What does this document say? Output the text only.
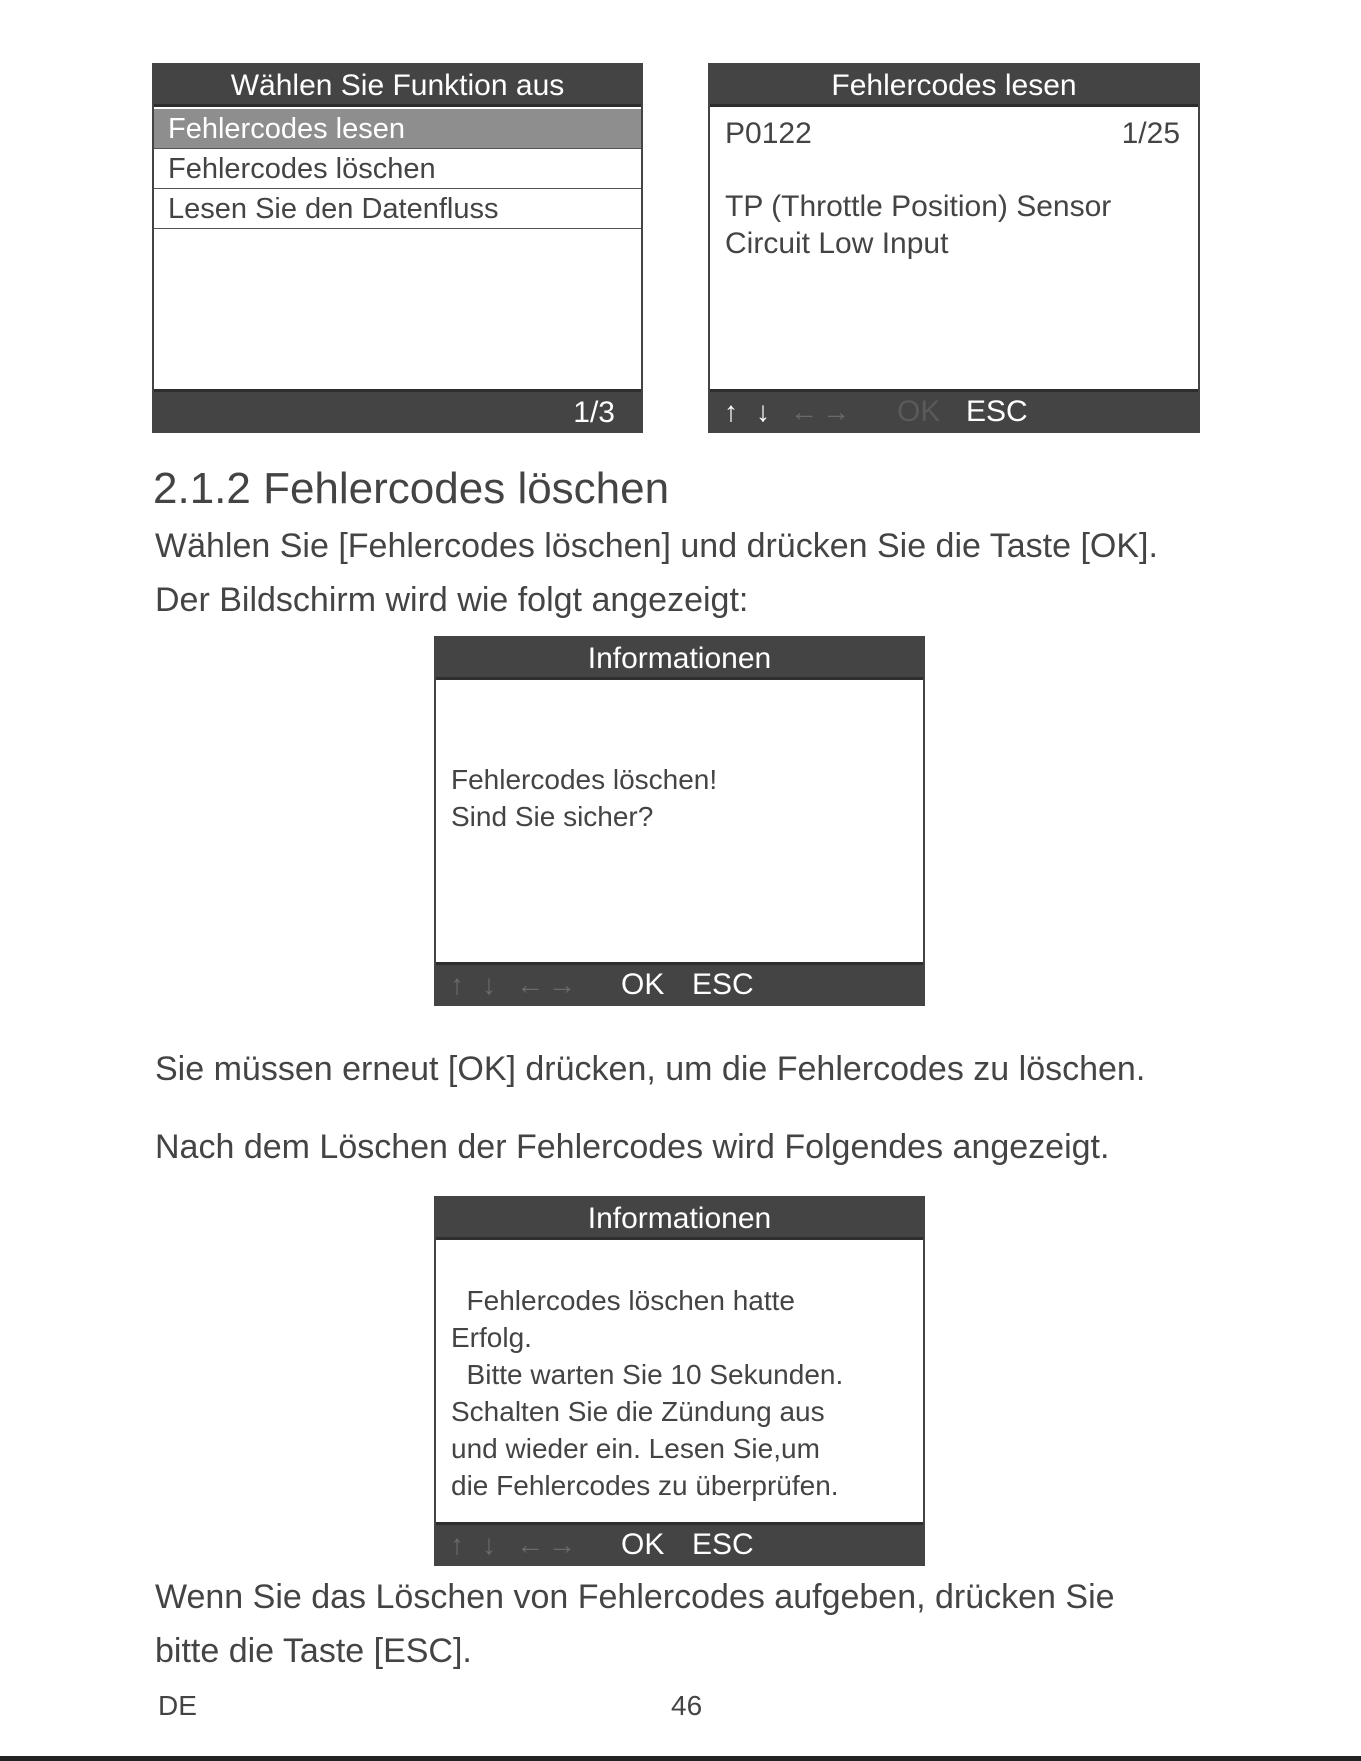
Wählen Sie Funktion aus
Fehlercodes lesen
Fehlercodes löschen
Lesen Sie den Datenfluss
1/3
Fehlercodes lesen
P0122	1/25
TP (Throttle Position) Sensor
Circuit Low Input
↑ ↓ ← → OK ESC
2.1.2 Fehlercodes löschen
Wählen Sie [Fehlercodes löschen] und drücken Sie die Taste [OK].
Der Bildschirm wird wie folgt angezeigt:
Informationen
Fehlercodes löschen!
Sind Sie sicher?
↑ ↓ ← → OK ESC
Sie müssen erneut [OK] drücken, um die Fehlercodes zu löschen.
Nach dem Löschen der Fehlercodes wird Folgendes angezeigt.
Informationen
Fehlercodes löschen hatte
Erfolg.
Bitte warten Sie 10 Sekunden.
Schalten Sie die Zündung aus
und wieder ein. Lesen Sie,um
die Fehlercodes zu überprüfen.
↑ ↓ ← → OK ESC
Wenn Sie das Löschen von Fehlercodes aufgeben, drücken Sie
bitte die Taste [ESC].
DE	46
